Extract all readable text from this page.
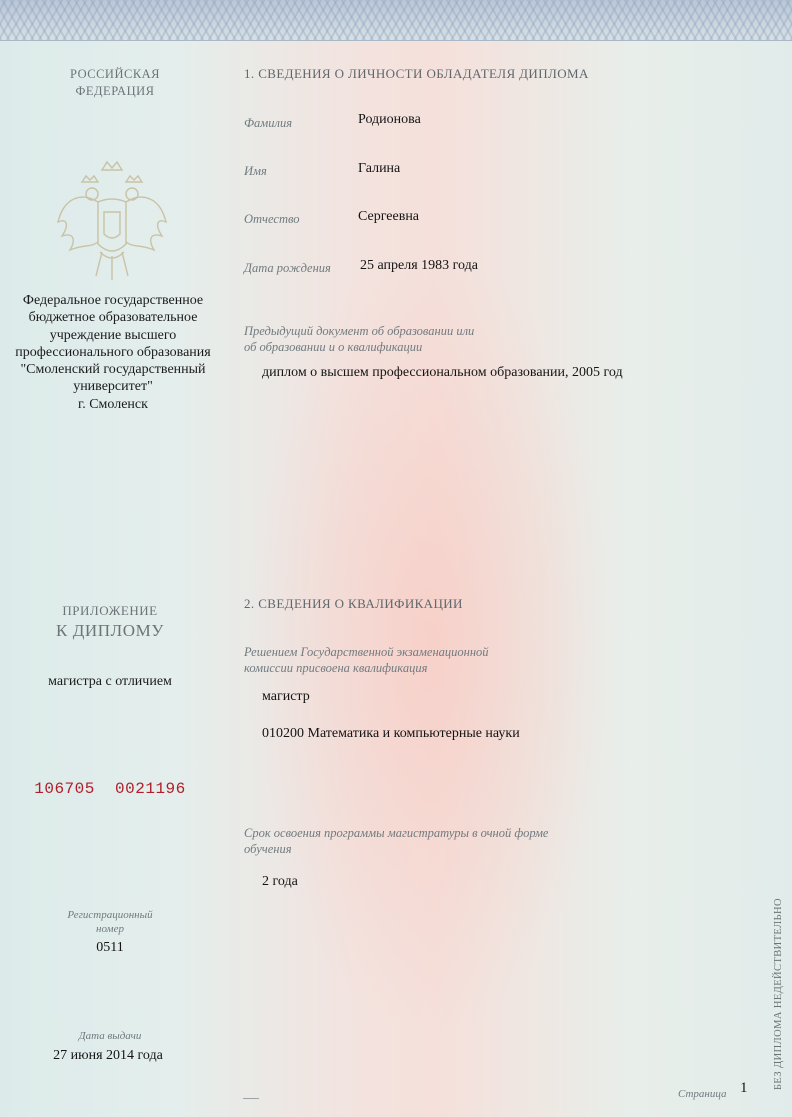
РОССИЙСКАЯ
ФЕДЕРАЦИЯ
Федеральное государственное
бюджетное образовательное
учреждение высшего
профессионального образования
"Смоленский государственный
университет"
г. Смоленск
ПРИЛОЖЕНИЕ
К ДИПЛОМУ
магистра с отличием
106705  0021196
Регистрационный
номер
0511
Дата выдачи
27 июня 2014 года
1. СВЕДЕНИЯ О ЛИЧНОСТИ ОБЛАДАТЕЛЯ ДИПЛОМА
Фамилия	Родионова
Имя	Галина
Отчество	Сергеевна
Дата рождения 25 апреля 1983 года
Предыдущий документ об образовании или
об образовании и о квалификации
диплом о высшем профессиональном образовании, 2005 год
2. СВЕДЕНИЯ О КВАЛИФИКАЦИИ
Решением Государственной экзаменационной
комиссии присвоена квалификация
магистр
010200 Математика и компьютерные науки
Срок освоения программы магистратуры в очной форме
обучения
2 года
Страница 1 БЕЗ ДИПЛОМА НЕДЕЙСТВИТЕЛЬНО
